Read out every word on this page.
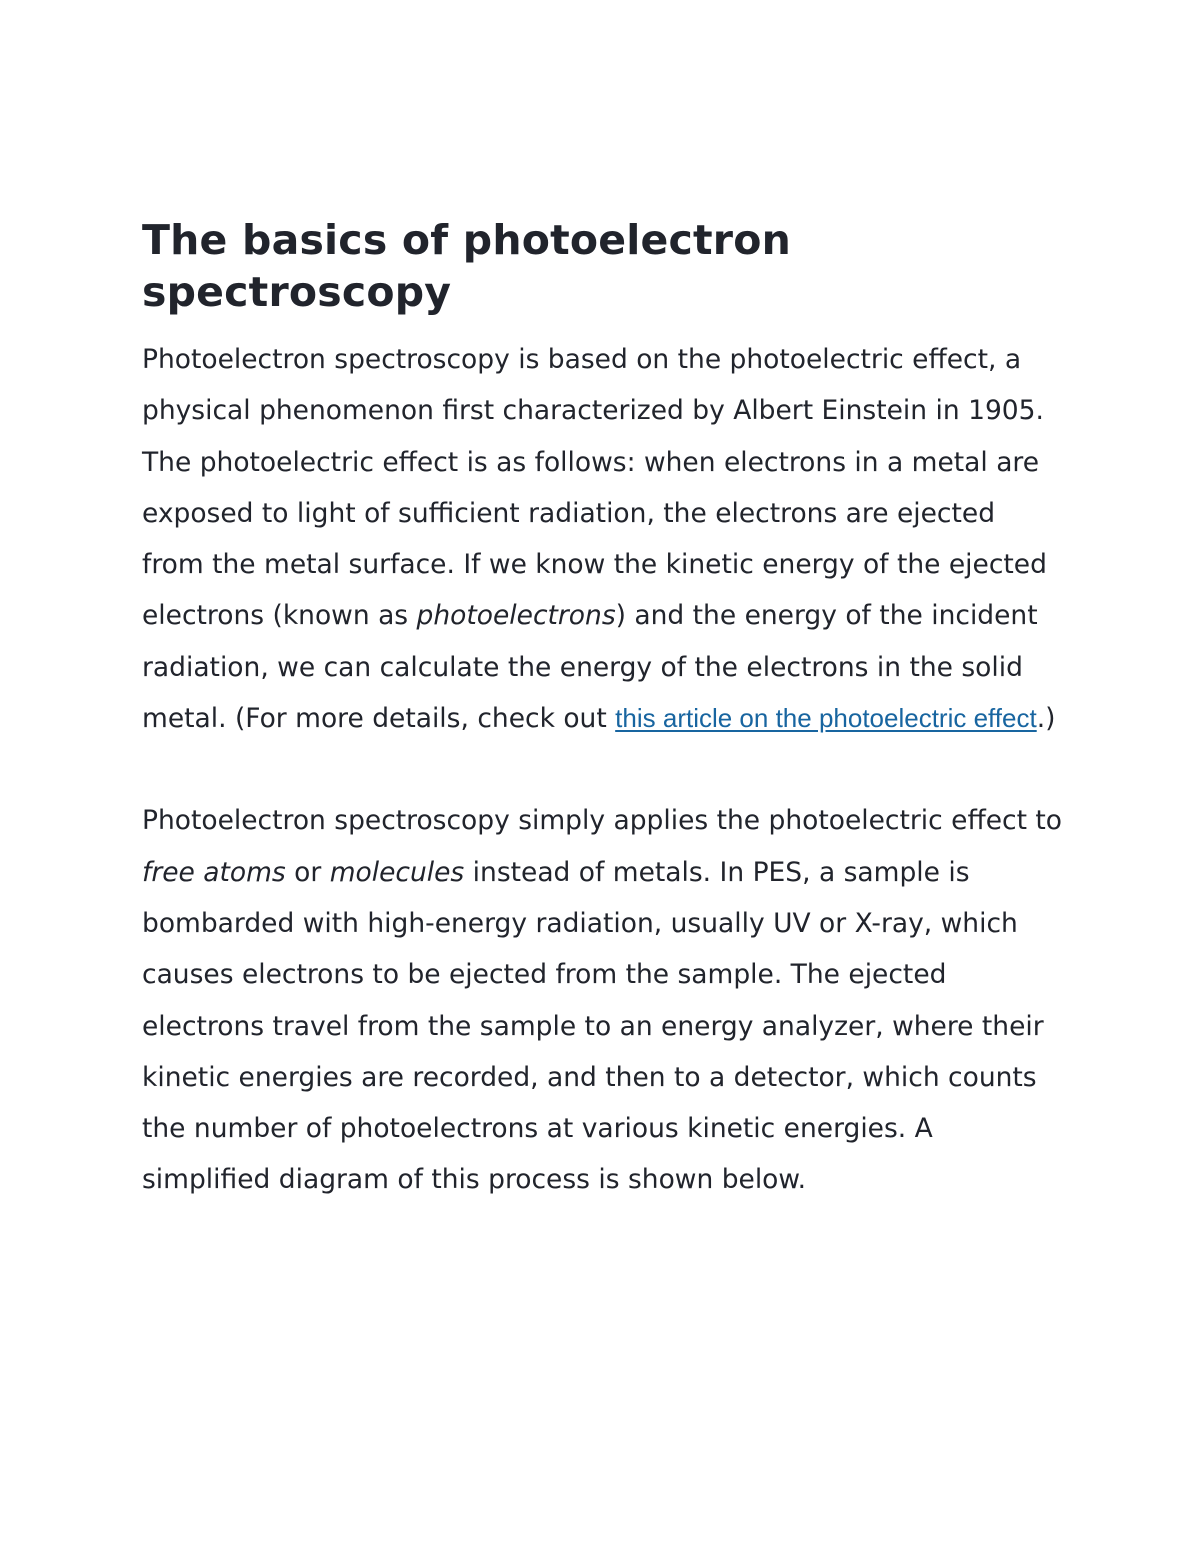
The basics of photoelectron spectroscopy

Photoelectron spectroscopy is based on the photoelectric effect, a physical phenomenon first characterized by Albert Einstein in 1905. The photoelectric effect is as follows: when electrons in a metal are exposed to light of sufficient radiation, the electrons are ejected from the metal surface. If we know the kinetic energy of the ejected electrons (known as photoelectrons) and the energy of the incident radiation, we can calculate the energy of the electrons in the solid metal. (For more details, check out this article on the photoelectric effect.)

Photoelectron spectroscopy simply applies the photoelectric effect to free atoms or molecules instead of metals. In PES, a sample is bombarded with high-energy radiation, usually UV or X-ray, which causes electrons to be ejected from the sample. The ejected electrons travel from the sample to an energy analyzer, where their kinetic energies are recorded, and then to a detector, which counts the number of photoelectrons at various kinetic energies. A simplified diagram of this process is shown below.
